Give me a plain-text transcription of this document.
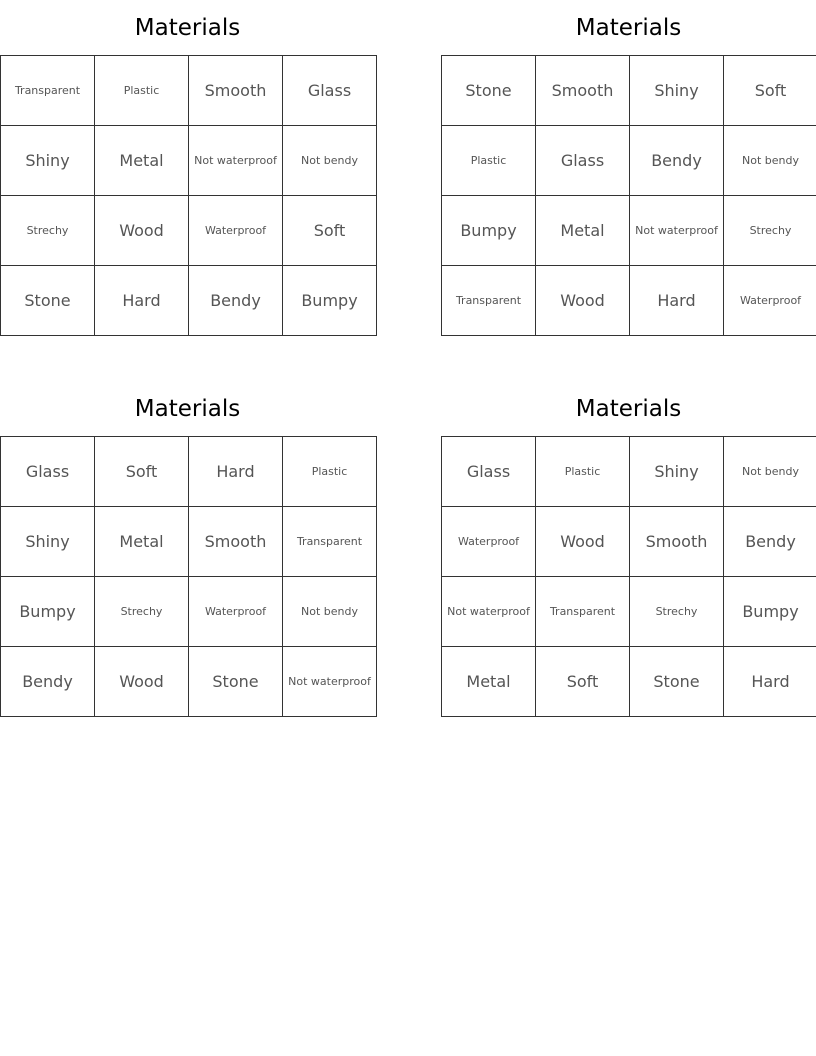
Materials
Transparent	Plastic	Smooth	Glass
Shiny	Metal	Not waterproof	Not bendy
Strechy	Wood	Waterproof	Soft
Stone	Hard	Bendy	Bumpy
Materials
Stone	Smooth	Shiny	Soft
Plastic	Glass	Bendy	Not bendy
Bumpy	Metal	Not waterproof	Strechy
Transparent	Wood	Hard	Waterproof
Materials
Glass	Soft	Hard	Plastic
Shiny	Metal	Smooth	Transparent
Bumpy	Strechy	Waterproof	Not bendy
Bendy	Wood	Stone	Not waterproof
Materials
Glass	Plastic	Shiny	Not bendy
Waterproof	Wood	Smooth	Bendy
Not waterproof	Transparent	Strechy	Bumpy
Metal	Soft	Stone	Hard
